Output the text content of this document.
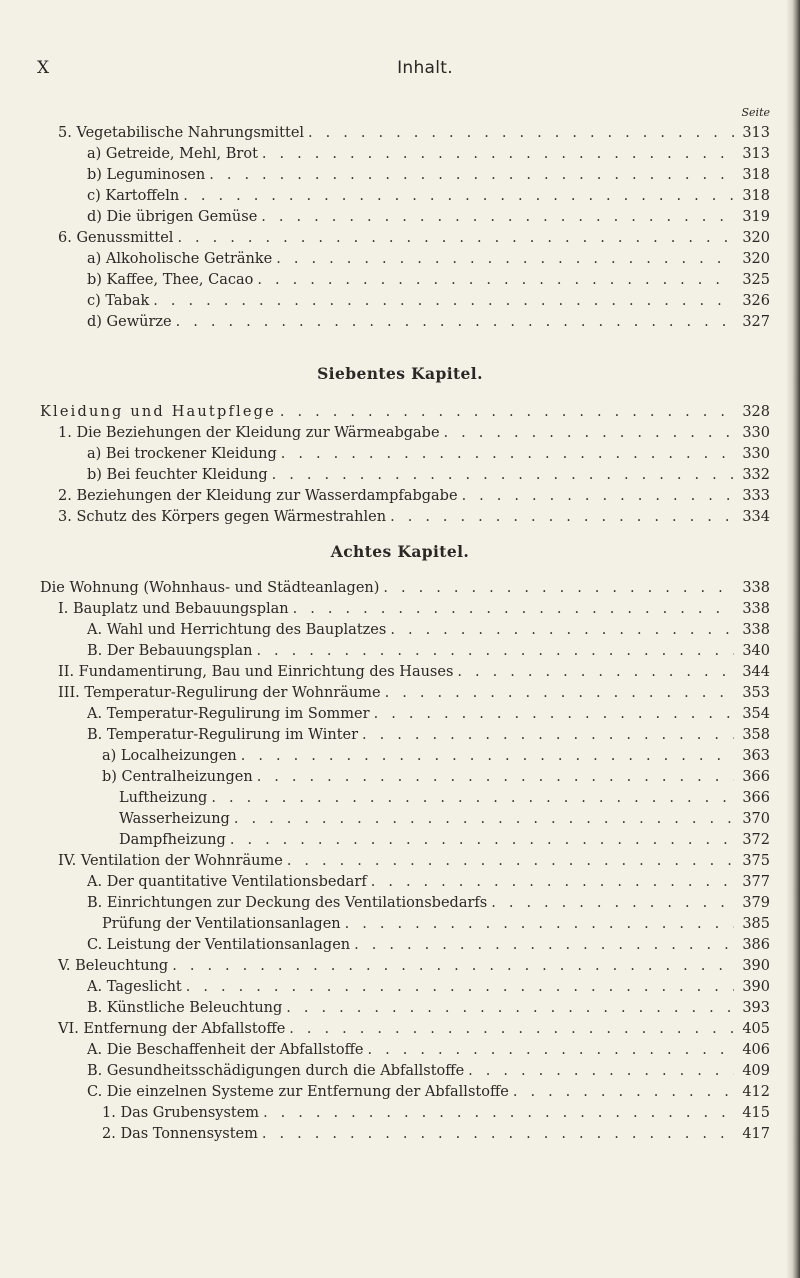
X	Inhalt.
Seite
5. Vegetabilische Nahrungsmittel . . .	313
a) Getreide, Mehl, Brot . . .	313
b) Leguminosen . . .	318
c) Kartoffeln . . .	318
d) Die übrigen Gemüse . . .	319
6. Genussmittel . . .	320
a) Alkoholische Getränke . . .	320
b) Kaffee, Thee, Cacao . . .	325
c) Tabak . . .	326
d) Gewürze . . .	327
Siebentes Kapitel.
Kleidung und Hautpflege . . .	328
1. Die Beziehungen der Kleidung zur Wärmeabgabe . . .	330
a) Bei trockener Kleidung . . .	330
b) Bei feuchter Kleidung . . .	332
2. Beziehungen der Kleidung zur Wasserdampfabgabe . . .	333
3. Schutz des Körpers gegen Wärmestrahlen . . .	334
Achtes Kapitel.
Die Wohnung (Wohnhaus- und Städteanlagen) . . .	338
I. Bauplatz und Bebauungsplan . . .	338
A. Wahl und Herrichtung des Bauplatzes . . .	338
B. Der Bebauungsplan . . .	340
II. Fundamentirung, Bau und Einrichtung des Hauses . . .	344
III. Temperatur-Regulirung der Wohnräume . . .	353
A. Temperatur-Regulirung im Sommer . . .	354
B. Temperatur-Regulirung im Winter . . .	358
a) Localheizungen . . .	363
b) Centralheizungen . . .	366
Luftheizung . . .	366
Wasserheizung . . .	370
Dampfheizung . . .	372
IV. Ventilation der Wohnräume . . .	375
A. Der quantitative Ventilationsbedarf . . .	377
B. Einrichtungen zur Deckung des Ventilationsbedarfs . . .	379
Prüfung der Ventilationsanlagen . . .	385
C. Leistung der Ventilationsanlagen . . .	386
V. Beleuchtung . . .	390
A. Tageslicht . . .	390
B. Künstliche Beleuchtung . . .	393
VI. Entfernung der Abfallstoffe . . .	405
A. Die Beschaffenheit der Abfallstoffe . . .	406
B. Gesundheitsschädigungen durch die Abfallstoffe . . .	409
C. Die einzelnen Systeme zur Entfernung der Abfallstoffe . . .	412
1. Das Grubensystem . . .	415
2. Das Tonnensystem . . .	417
